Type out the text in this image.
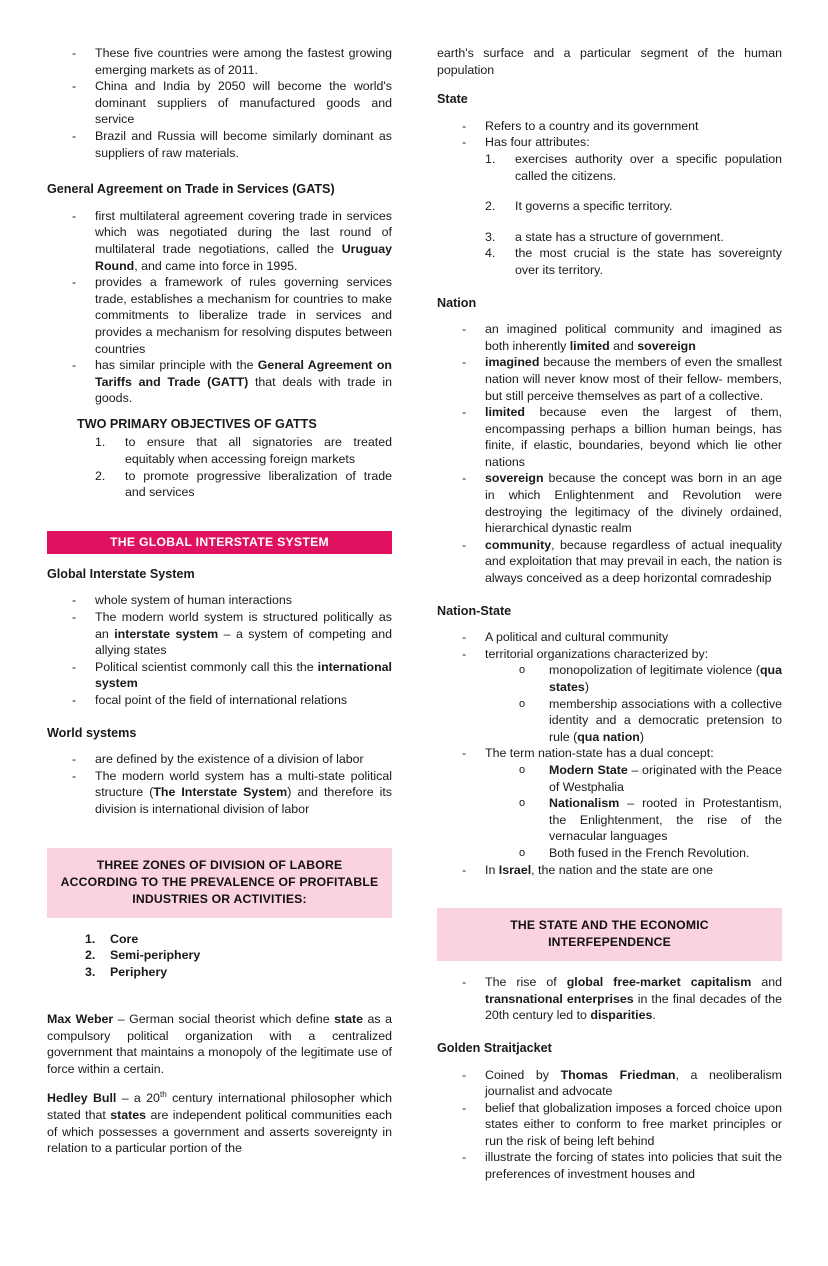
- These five countries were among the fastest growing emerging markets as of 2011.
- China and India by 2050 will become the world's dominant suppliers of manufactured goods and service
- Brazil and Russia will become similarly dominant as suppliers of raw materials.
General Agreement on Trade in Services (GATS)
- first multilateral agreement covering trade in services which was negotiated during the last round of multilateral trade negotiations, called the Uruguay Round, and came into force in 1995.
- provides a framework of rules governing services trade, establishes a mechanism for countries to make commitments to liberalize trade in services and provides a mechanism for resolving disputes between countries
- has similar principle with the General Agreement on Tariffs and Trade (GATT) that deals with trade in goods.
TWO PRIMARY OBJECTIVES OF GATTS
to ensure that all signatories are treated equitably when accessing foreign markets
to promote progressive liberalization of trade and services
THE GLOBAL INTERSTATE SYSTEM
Global Interstate System
- whole system of human interactions
- The modern world system is structured politically as an interstate system – a system of competing and allying states
- Political scientist commonly call this the international system
- focal point of the field of international relations
World systems
- are defined by the existence of a division of labor
- The modern world system has a multi-state political structure (The Interstate System) and therefore its division is international division of labor
THREE ZONES OF DIVISION OF LABORE ACCORDING TO THE PREVALENCE OF PROFITABLE INDUSTRIES OR ACTIVITIES:
Core
Semi-periphery
Periphery

Max Weber – German social theorist which define state as a compulsory political organization with a centralized government that maintains a monopoly of the legitimate use of force within a certain.

Hedley Bull – a 20th century international philosopher which stated that states are independent political communities each of which possesses a government and asserts sovereignty in relation to a particular portion of the

earth's surface and a particular segment of the human population

State
- Refers to a country and its government
- Has four attributes:
exercises authority over a specific population called the citizens.
It governs a specific territory.
a state has a structure of government.
the most crucial is the state has sovereignty over its territory.
Nation
- an imagined political community and imagined as both inherently limited and sovereign
- imagined because the members of even the smallest nation will never know most of their fellow- members, but still perceive themselves as part of a collective.
- limited because even the largest of them, encompassing perhaps a billion human beings, has finite, if elastic, boundaries, beyond which lie other nations
- sovereign because the concept was born in an age in which Enlightenment and Revolution were destroying the legitimacy of the divinely ordained, hierarchical dynastic realm
- community, because regardless of actual inequality and exploitation that may prevail in each, the nation is always conceived as a deep horizontal comradeship
Nation-State
- A political and cultural community
- territorial organizations characterized by:
o monopolization of legitimate violence (qua states)
o membership associations with a collective identity and a democratic pretension to rule (qua nation)
- The term nation-state has a dual concept:
o Modern State – originated with the Peace of Westphalia
o Nationalism – rooted in Protestantism, the Enlightenment, the rise of the vernacular languages
o Both fused in the French Revolution.
- In Israel, the nation and the state are one
THE STATE AND THE ECONOMIC INTERFEPENDENCE
- The rise of global free-market capitalism and transnational enterprises in the final decades of the 20th century led to disparities.
Golden Straitjacket
- Coined by Thomas Friedman, a neoliberalism journalist and advocate
- belief that globalization imposes a forced choice upon states either to conform to free market principles or run the risk of being left behind
- illustrate the forcing of states into policies that suit the preferences of investment houses and
